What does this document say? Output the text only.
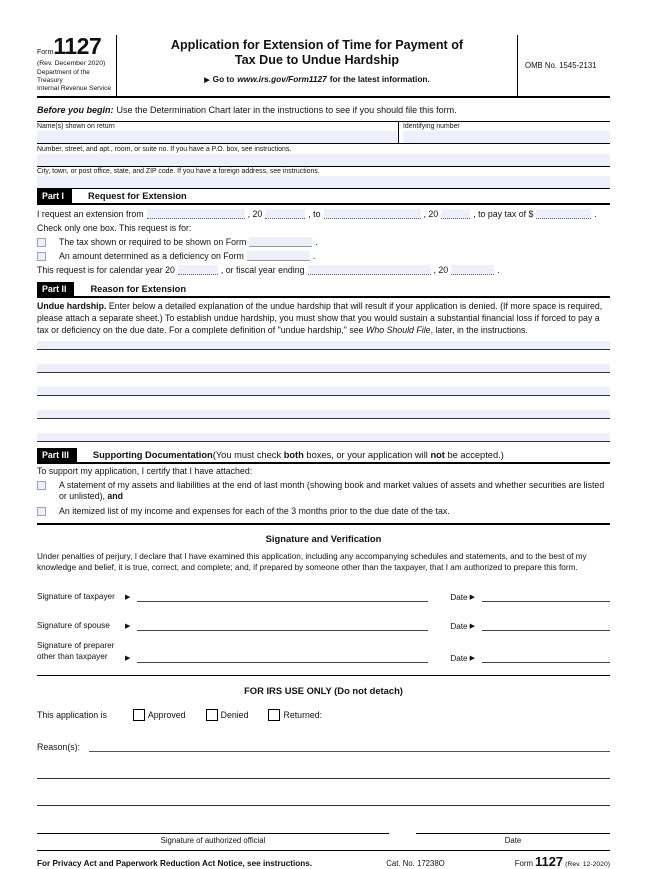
Form1127
(Rev. December 2020)
Department of the Treasury
Internal Revenue Service
Application for Extension of Time for Payment of
Tax Due to Undue Hardship
▶ Go to www.irs.gov/Form1127 for the latest information.
OMB No. 1545-2131
Before you begin: Use the Determination Chart later in the instructions to see if you should file this form.
Name(s) shown on return	Identifying number
Number, street, and apt., room, or suite no. If you have a P.O. box, see instructions.
City, town, or post office, state, and ZIP code. If you have a foreign address, see instructions.
Part I	Request for Extension
I request an extension from	, 20	, to	, 20	, to pay tax of $	.
Check only one box. This request is for:
The tax shown or required to be shown on Form	.
An amount determined as a deficiency on Form	.
This request is for calendar year 20	, or fiscal year ending	, 20	.
Part II	Reason for Extension
Undue hardship. Enter below a detailed explanation of the undue hardship that will result if your application is denied. (If more space is required, please attach a separate sheet.) To establish undue hardship, you must show that you would sustain a substantial financial loss if forced to pay a tax or deficiency on the due date. For a complete definition of "undue hardship," see Who Should File, later, in the instructions.
Part III	Supporting Documentation (You must check both boxes, or your application will not be accepted.)
To support my application, I certify that I have attached:
A statement of my assets and liabilities at the end of last month (showing book and market values of assets and whether securities are listed or unlisted), and
An itemized list of my income and expenses for each of the 3 months prior to the due date of the tax.
Signature and Verification
Under penalties of perjury, I declare that I have examined this application, including any accompanying schedules and statements, and to the best of my knowledge and belief, it is true, correct, and complete; and, if prepared by someone other than the taxpayer, that I am authorized to prepare this form.
Signature of taxpayer	▶	Date ▶
Signature of spouse	▶	Date ▶
Signature of preparer
other than taxpayer	▶	Date ▶
FOR IRS USE ONLY (Do not detach)
This application is	Approved	Denied	Returned:
Reason(s):
Signature of authorized official	Date
For Privacy Act and Paperwork Reduction Act Notice, see instructions.	Cat. No. 17238O	Form 1127 (Rev. 12-2020)
